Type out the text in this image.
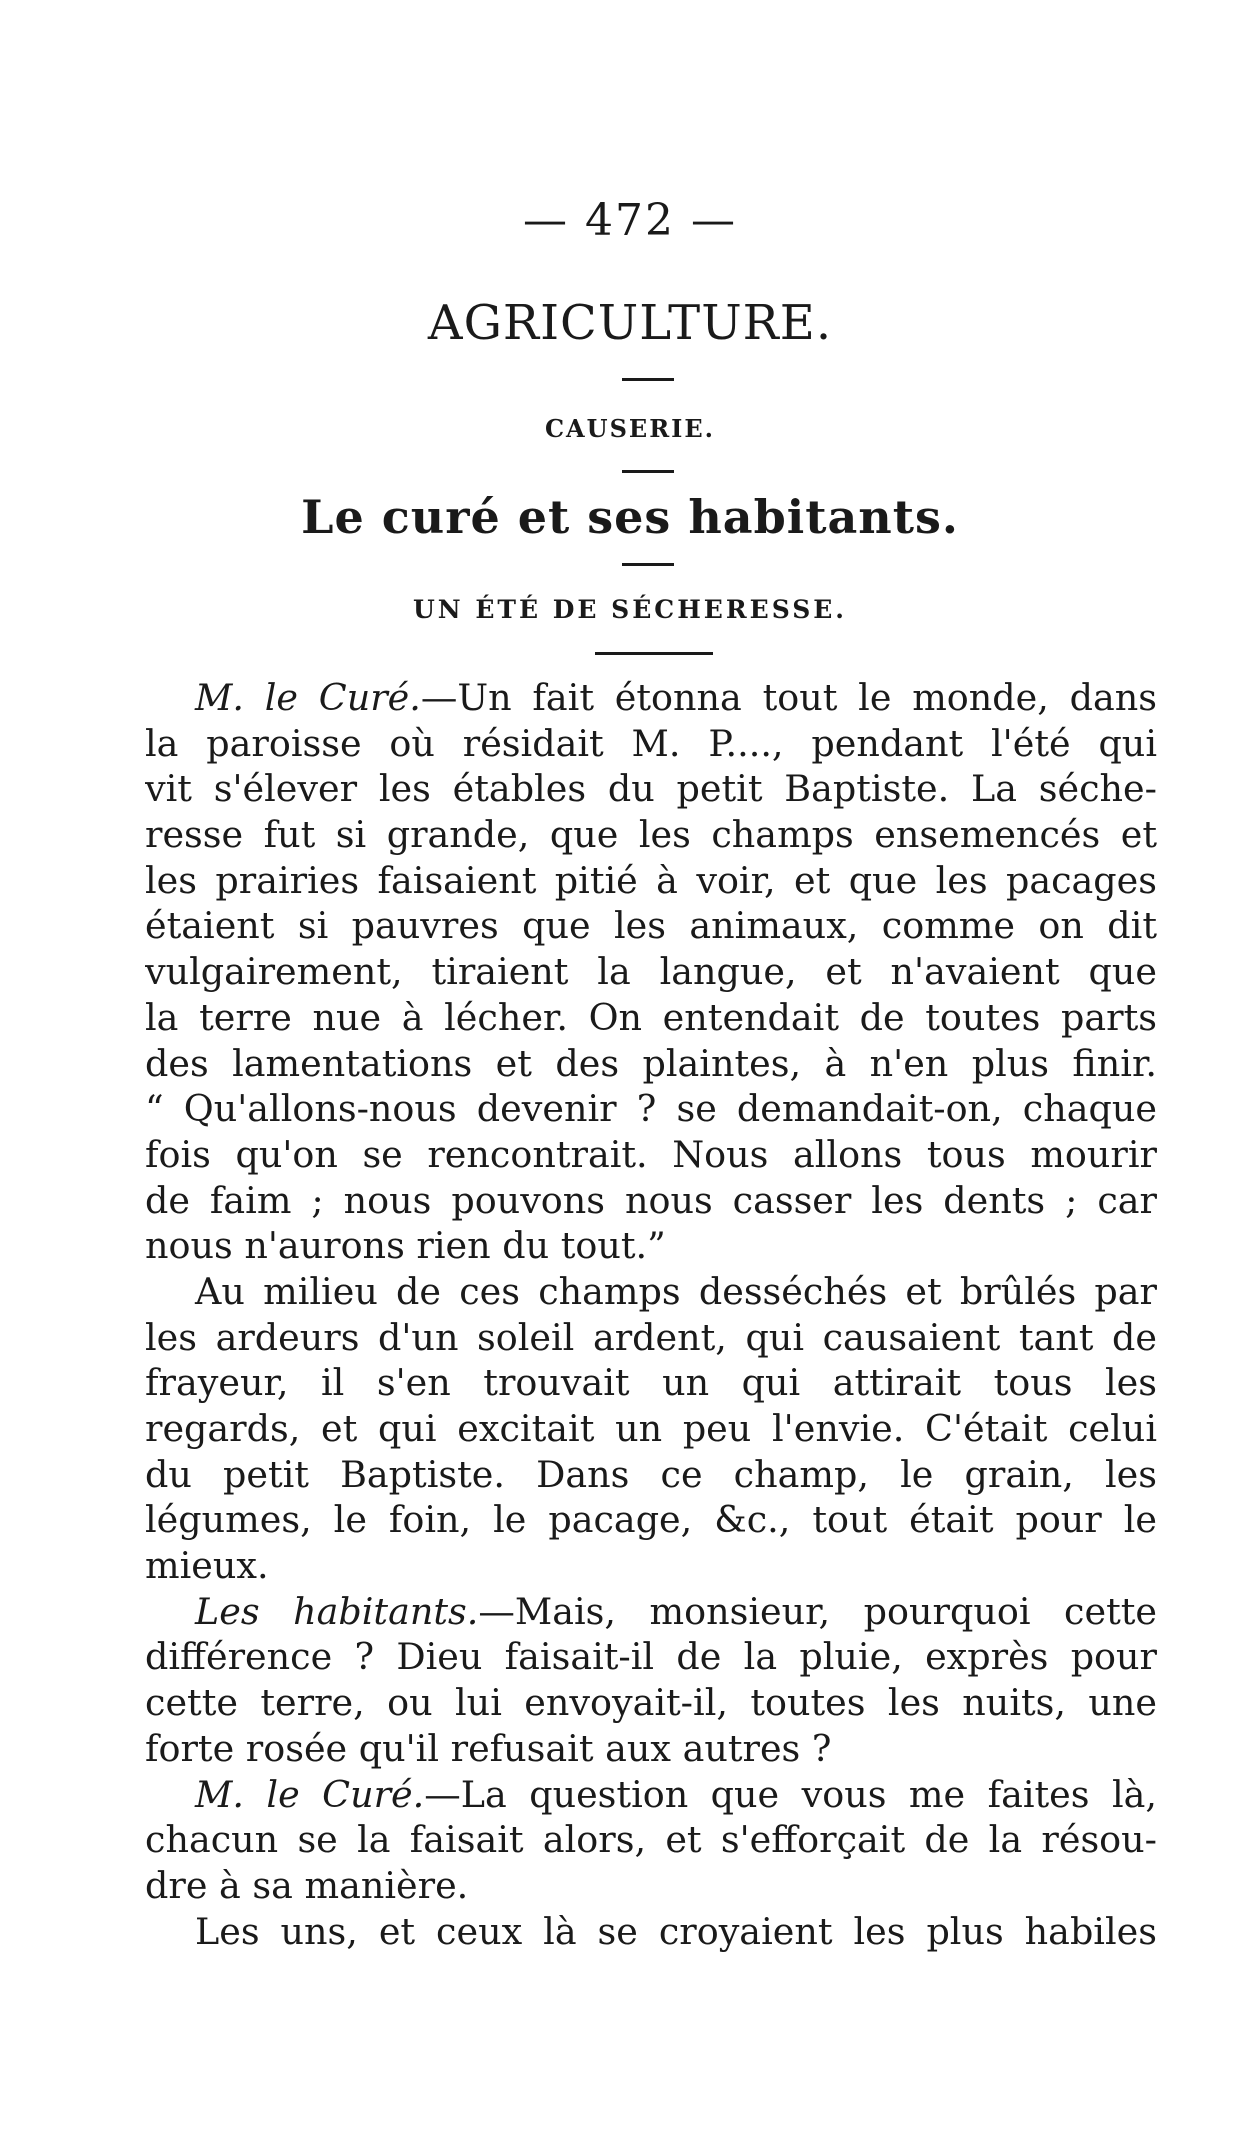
— 472 —
AGRICULTURE.
CAUSERIE.
Le curé et ses habitants.
UN ÉTÉ DE SÉCHERESSE.
M. le Curé.—Un fait étonna tout le monde, dans
la paroisse où résidait M. P...., pendant l'été qui
vit s'élever les étables du petit Baptiste. La séche-
resse fut si grande, que les champs ensemencés et
les prairies faisaient pitié à voir, et que les pacages
étaient si pauvres que les animaux, comme on dit
vulgairement, tiraient la langue, et n'avaient que
la terre nue à lécher. On entendait de toutes parts
des lamentations et des plaintes, à n'en plus finir.
“ Qu'allons-nous devenir ? se demandait-on, chaque
fois qu'on se rencontrait. Nous allons tous mourir
de faim ; nous pouvons nous casser les dents ; car
nous n'aurons rien du tout.”
Au milieu de ces champs desséchés et brûlés par
les ardeurs d'un soleil ardent, qui causaient tant de
frayeur, il s'en trouvait un qui attirait tous les
regards, et qui excitait un peu l'envie. C'était celui
du petit Baptiste. Dans ce champ, le grain, les
légumes, le foin, le pacage, &c., tout était pour le
mieux.
Les habitants.—Mais, monsieur, pourquoi cette
différence ? Dieu faisait-il de la pluie, exprès pour
cette terre, ou lui envoyait-il, toutes les nuits, une
forte rosée qu'il refusait aux autres ?
M. le Curé.—La question que vous me faites là,
chacun se la faisait alors, et s'efforçait de la résou-
dre à sa manière.
Les uns, et ceux là se croyaient les plus habiles
